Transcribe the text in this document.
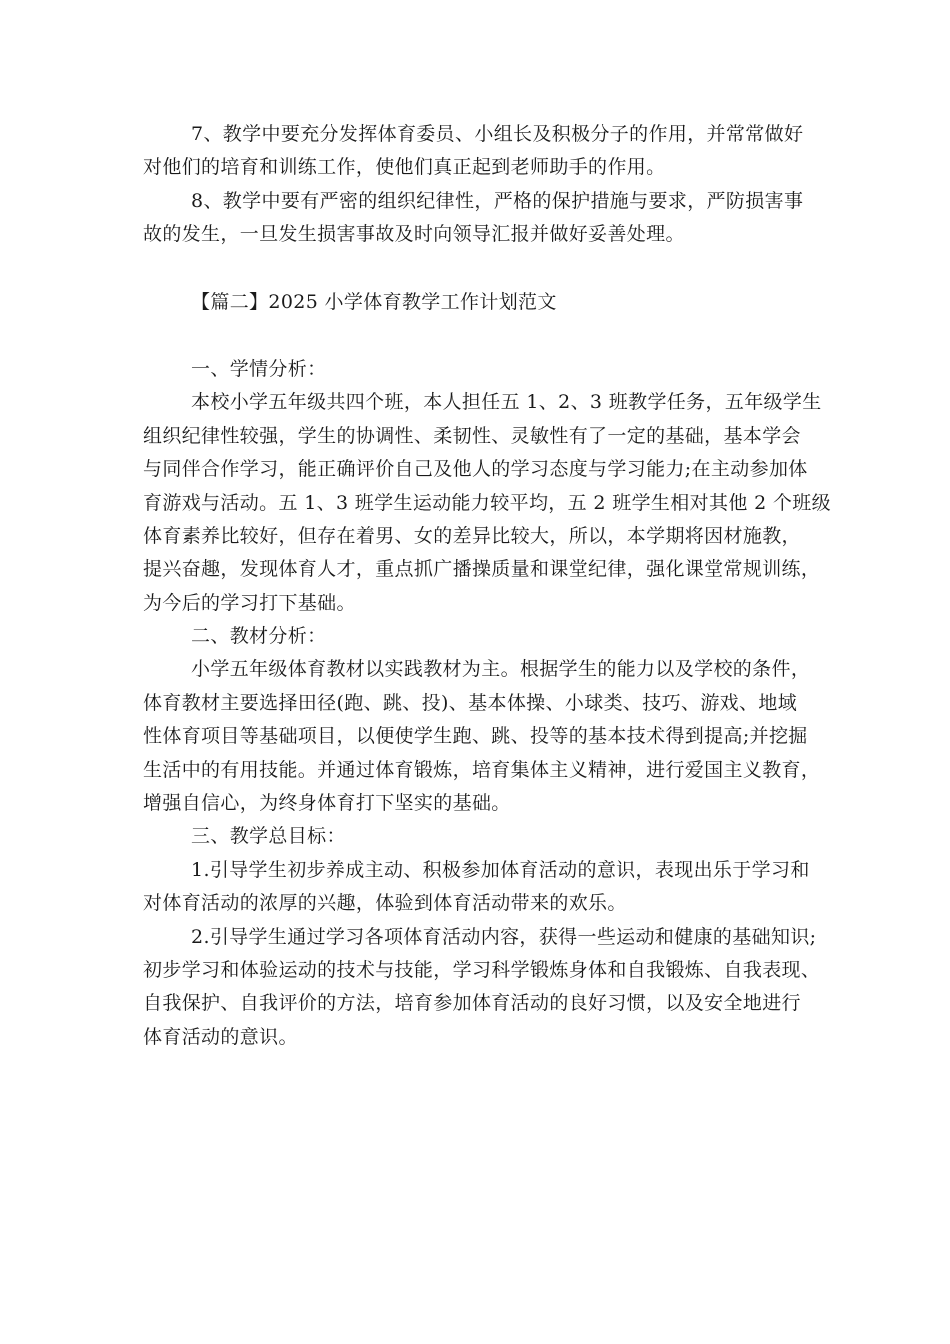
7、教学中要充分发挥体育委员、小组长及积极分子的作用，并常常做好
对他们的培育和训练工作，使他们真正起到老师助手的作用。
8、教学中要有严密的组织纪律性，严格的保护措施与要求，严防损害事
故的发生，一旦发生损害事故及时向领导汇报并做好妥善处理。
【篇二】2025 小学体育教学工作计划范文
一、学情分析：
本校小学五年级共四个班，本人担任五 1、2、3 班教学任务，五年级学生
组织纪律性较强，学生的协调性、柔韧性、灵敏性有了一定的基础，基本学会
与同伴合作学习，能正确评价自己及他人的学习态度与学习能力;在主动参加体
育游戏与活动。五 1、3 班学生运动能力较平均，五 2 班学生相对其他 2 个班级
体育素养比较好，但存在着男、女的差异比较大，所以，本学期将因材施教，
提兴奋趣，发现体育人才，重点抓广播操质量和课堂纪律，强化课堂常规训练，
为今后的学习打下基础。
二、教材分析：
小学五年级体育教材以实践教材为主。根据学生的能力以及学校的条件，
体育教材主要选择田径(跑、跳、投)、基本体操、小球类、技巧、游戏、地域
性体育项目等基础项目，以便使学生跑、跳、投等的基本技术得到提高;并挖掘
生活中的有用技能。并通过体育锻炼，培育集体主义精神，进行爱国主义教育，
增强自信心，为终身体育打下坚实的基础。
三、教学总目标：
1.引导学生初步养成主动、积极参加体育活动的意识，表现出乐于学习和
对体育活动的浓厚的兴趣，体验到体育活动带来的欢乐。
2.引导学生通过学习各项体育活动内容，获得一些运动和健康的基础知识;
初步学习和体验运动的技术与技能，学习科学锻炼身体和自我锻炼、自我表现、
自我保护、自我评价的方法，培育参加体育活动的良好习惯，以及安全地进行
体育活动的意识。
